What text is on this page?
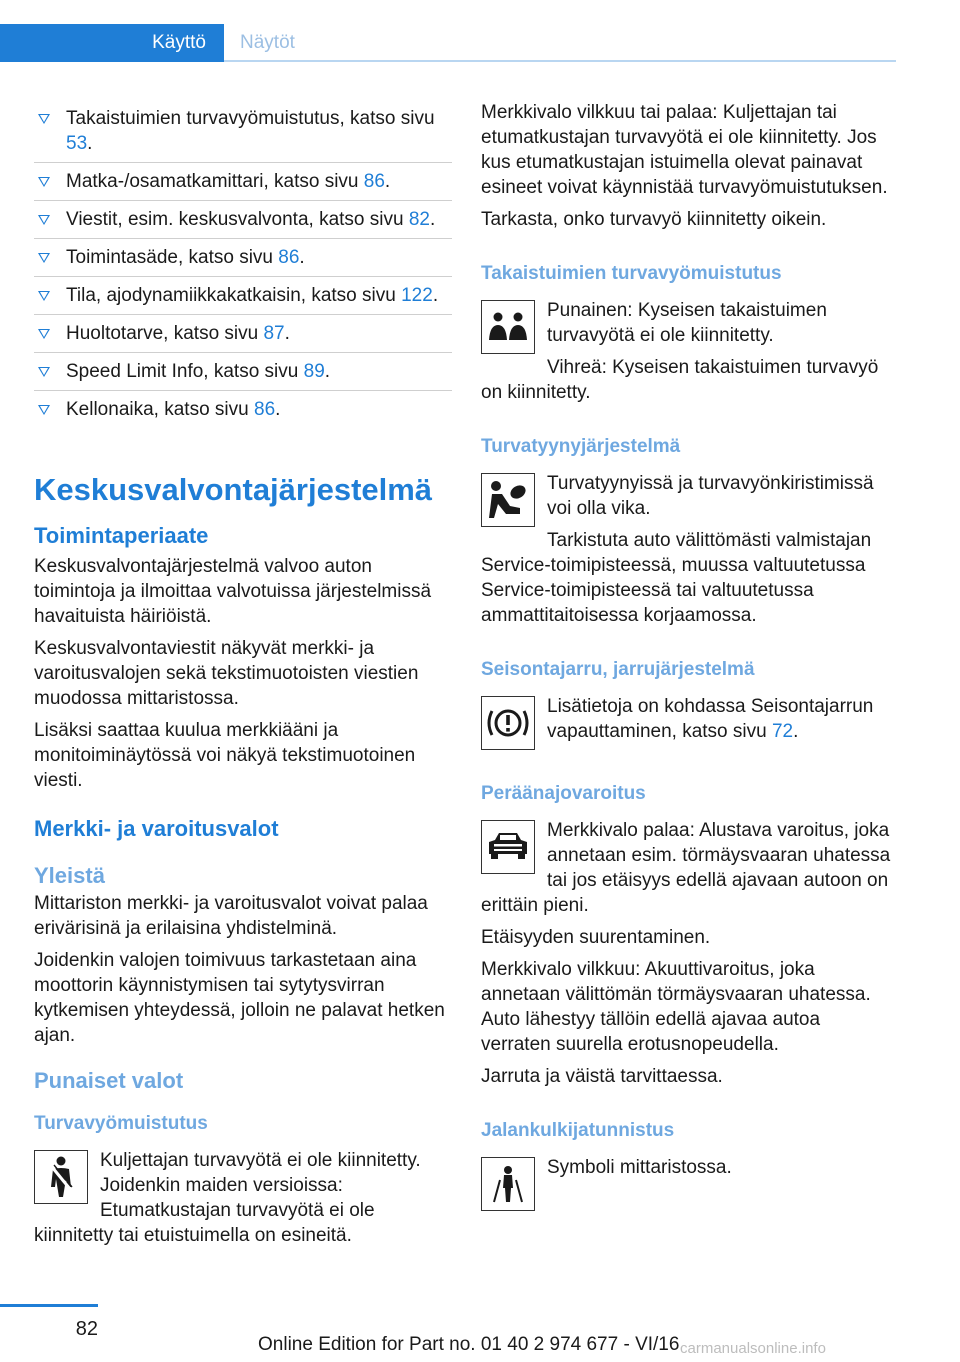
Käyttö	Näytöt
Takaistuimien turvavyömuistutus, katso sivu 53.
Matka-/osamatkamittari, katso sivu 86.
Viestit, esim. keskusvalvonta, katso sivu 82.
Toimintasäde, katso sivu 86.
Tila, ajodynamiikkakatkaisin, katso sivu 122.
Huoltotarve, katso sivu 87.
Speed Limit Info, katso sivu 89.
Kellonaika, katso sivu 86.
Keskusvalvontajärjestelmä
Toimintaperiaate

Keskusvalvontajärjestelmä valvoo auton toimintoja ja ilmoittaa valvotuissa järjestelmissä havaituista häiriöistä.

Keskusvalvontaviestit näkyvät merkki- ja varoitusvalojen sekä tekstimuotoisten viestien muodossa mittaristossa.

Lisäksi saattaa kuulua merkkiääni ja monitoiminäytössä voi näkyä tekstimuotoinen viesti.

Merkki- ja varoitusvalot
Yleistä

Mittariston merkki- ja varoitusvalot voivat palaa erivärisinä ja erilaisina yhdistelminä.

Joidenkin valojen toimivuus tarkastetaan aina moottorin käynnistymisen tai sytytysvirran kytkemisen yhteydessä, jolloin ne palavat hetken ajan.

Punaiset valot
Turvavyömuistutus

Kuljettajan turvavyötä ei ole kiinnitetty. Joidenkin maiden versioissa: Etumatkustajan turvavyötä ei ole kiinnitetty tai etuistuimella on esineitä.

Merkkivalo vilkkuu tai palaa: Kuljettajan tai etumatkustajan turvavyötä ei ole kiinnitetty. Jos kus etumatkustajan istuimella olevat painavat esineet voivat käynnistää turvavyömuistutuksen.

Tarkasta, onko turvavyö kiinnitetty oikein.

Takaistuimien turvavyömuistutus

Punainen: Kyseisen takaistuimen turvavyötä ei ole kiinnitetty.

Vihreä: Kyseisen takaistuimen turvavyö on kiinnitetty.

Turvatyynyjärjestelmä

Turvatyynyissä ja turvavyönkiristimissä voi olla vika.

Tarkistuta auto välittömästi valmistajan Service-toimipisteessä, muussa valtuutetussa Service-toimipisteessä tai valtuutetussa ammattitaitoisessa korjaamossa.

Seisontajarru, jarrujärjestelmä

Lisätietoja on kohdassa Seisontajarrun vapauttaminen, katso sivu 72.

Peräänajovaroitus

Merkkivalo palaa: Alustava varoitus, joka annetaan esim. törmäysvaaran uhatessa tai jos etäisyys edellä ajavaan autoon on erittäin pieni.

Etäisyyden suurentaminen.

Merkkivalo vilkkuu: Akuuttivaroitus, joka annetaan välittömän törmäysvaaran uhatessa. Auto lähestyy tällöin edellä ajavaa autoa verraten suurella erotusnopeudella.

Jarruta ja väistä tarvittaessa.

Jalankulkijatunnistus

Symboli mittaristossa.

82
Online Edition for Part no. 01 40 2 974 677 - VI/16 carmanualsonline.info
